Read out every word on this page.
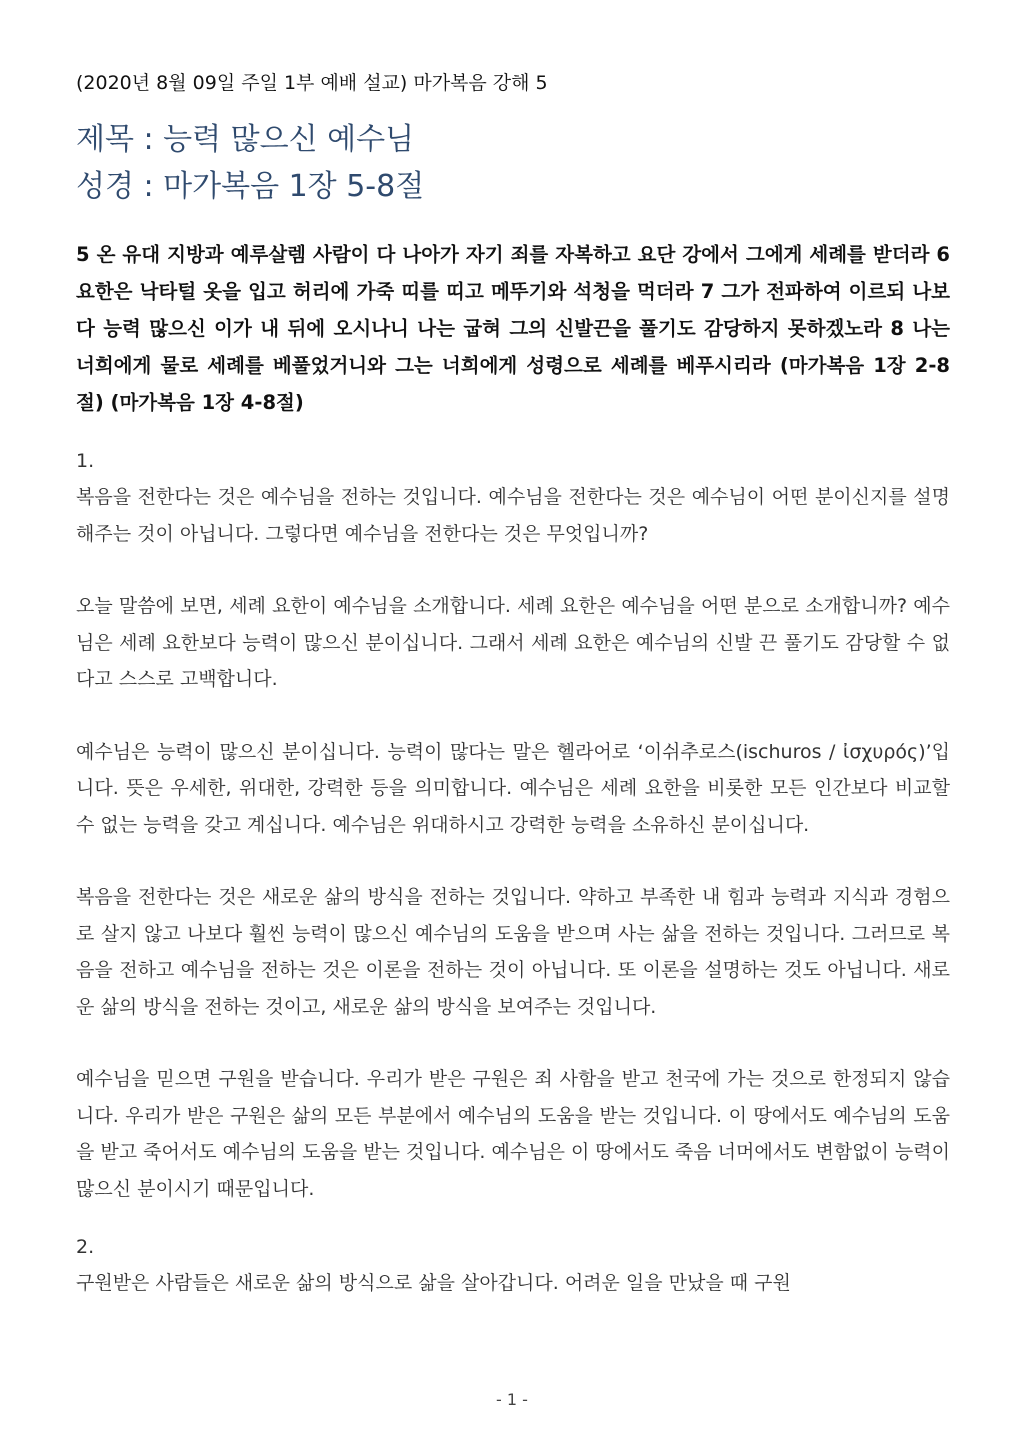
(2020년 8월 09일 주일 1부 예배 설교) 마가복음 강해 5

제목 : 능력 많으신 예수님
성경 : 마가복음 1장 5-8절

5 온 유대 지방과 예루살렘 사람이 다 나아가 자기 죄를 자복하고 요단 강에서 그에게 세례를 받더라 6 요한은 낙타털 옷을 입고 허리에 가죽 띠를 띠고 메뚜기와 석청을 먹더라 7 그가 전파하여 이르되 나보다 능력 많으신 이가 내 뒤에 오시나니 나는 굽혀 그의 신발끈을 풀기도 감당하지 못하겠노라 8 나는 너희에게 물로 세례를 베풀었거니와 그는 너희에게 성령으로 세례를 베푸시리라 (마가복음 1장 2-8절) (마가복음 1장 4-8절)

1.

복음을 전한다는 것은 예수님을 전하는 것입니다. 예수님을 전한다는 것은 예수님이 어떤 분이신지를 설명해주는 것이 아닙니다. 그렇다면 예수님을 전한다는 것은 무엇입니까?

오늘 말씀에 보면, 세례 요한이 예수님을 소개합니다. 세례 요한은 예수님을 어떤 분으로 소개합니까? 예수님은 세례 요한보다 능력이 많으신 분이십니다. 그래서 세례 요한은 예수님의 신발 끈 풀기도 감당할 수 없다고 스스로 고백합니다.

예수님은 능력이 많으신 분이십니다. 능력이 많다는 말은 헬라어로 ‘이쉬추로스(ischuros / ἰσχυρός)’입니다. 뜻은 우세한, 위대한, 강력한 등을 의미합니다. 예수님은 세례 요한을 비롯한 모든 인간보다 비교할 수 없는 능력을 갖고 계십니다. 예수님은 위대하시고 강력한 능력을 소유하신 분이십니다.

복음을 전한다는 것은 새로운 삶의 방식을 전하는 것입니다. 약하고 부족한 내 힘과 능력과 지식과 경험으로 살지 않고 나보다 훨씬 능력이 많으신 예수님의 도움을 받으며 사는 삶을 전하는 것입니다. 그러므로 복음을 전하고 예수님을 전하는 것은 이론을 전하는 것이 아닙니다. 또 이론을 설명하는 것도 아닙니다. 새로운 삶의 방식을 전하는 것이고, 새로운 삶의 방식을 보여주는 것입니다.

예수님을 믿으면 구원을 받습니다. 우리가 받은 구원은 죄 사함을 받고 천국에 가는 것으로 한정되지 않습니다. 우리가 받은 구원은 삶의 모든 부분에서 예수님의 도움을 받는 것입니다. 이 땅에서도 예수님의 도움을 받고 죽어서도 예수님의 도움을 받는 것입니다. 예수님은 이 땅에서도 죽음 너머에서도 변함없이 능력이 많으신 분이시기 때문입니다.

2.

구원받은 사람들은 새로운 삶의 방식으로 삶을 살아갑니다. 어려운 일을 만났을 때 구원

- 1 -
